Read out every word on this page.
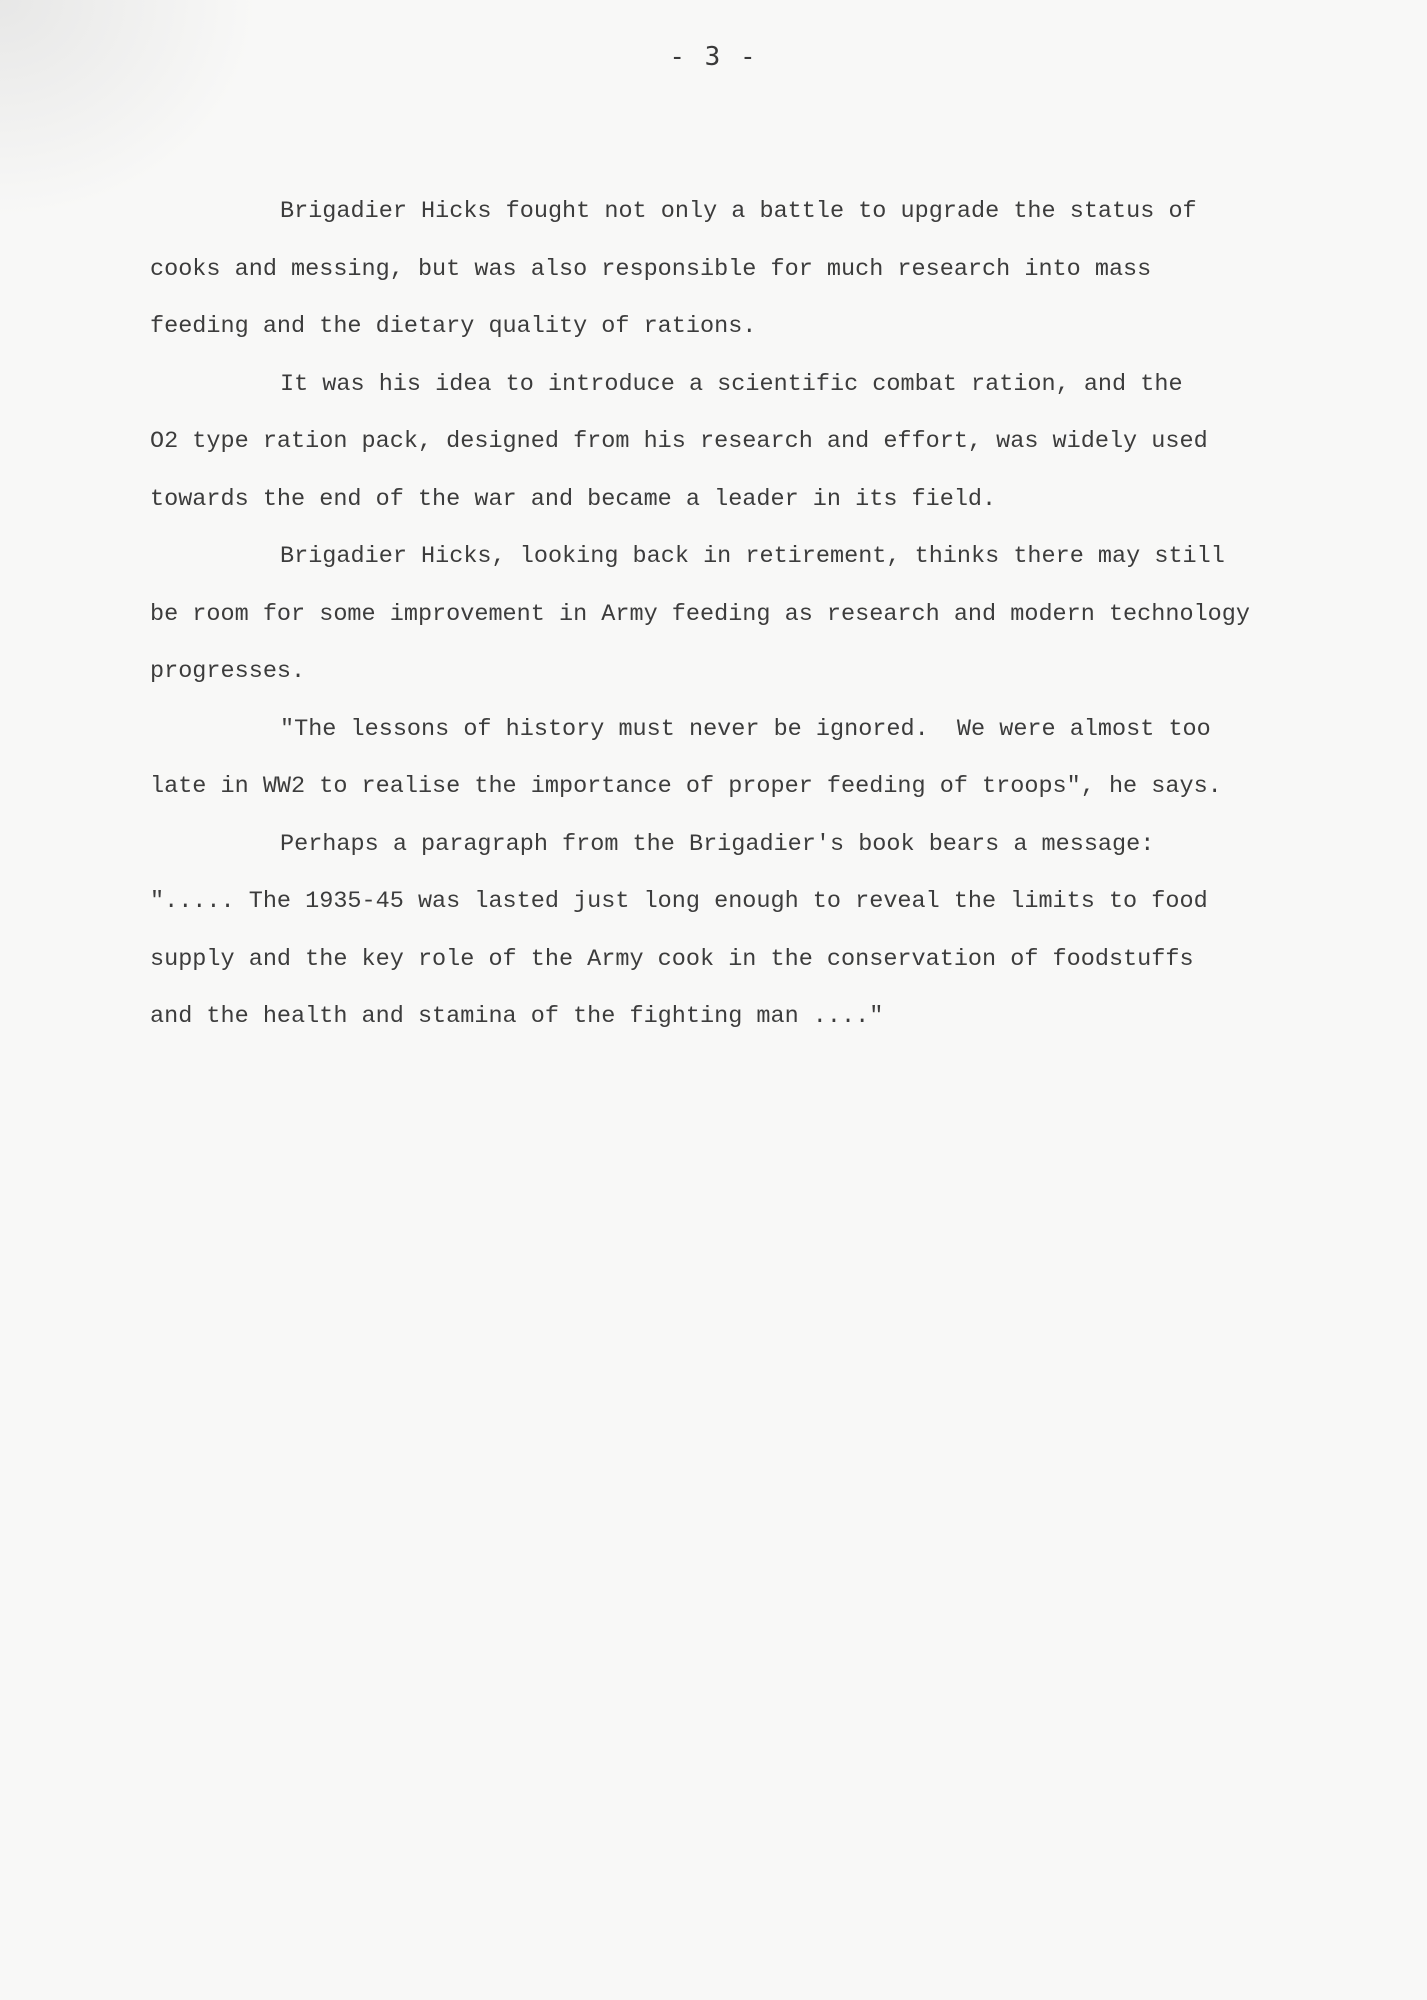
- 3 -
Brigadier Hicks fought not only a battle to upgrade the status of
cooks and messing, but was also responsible for much research into mass
feeding and the dietary quality of rations.
It was his idea to introduce a scientific combat ration, and the
O2 type ration pack, designed from his research and effort, was widely used
towards the end of the war and became a leader in its field.
Brigadier Hicks, looking back in retirement, thinks there may still
be room for some improvement in Army feeding as research and modern technology
progresses.
"The lessons of history must never be ignored.  We were almost too
late in WW2 to realise the importance of proper feeding of troops", he says.
Perhaps a paragraph from the Brigadier's book bears a message:
"..... The 1935-45 was lasted just long enough to reveal the limits to food
supply and the key role of the Army cook in the conservation of foodstuffs
and the health and stamina of the fighting man ...."
